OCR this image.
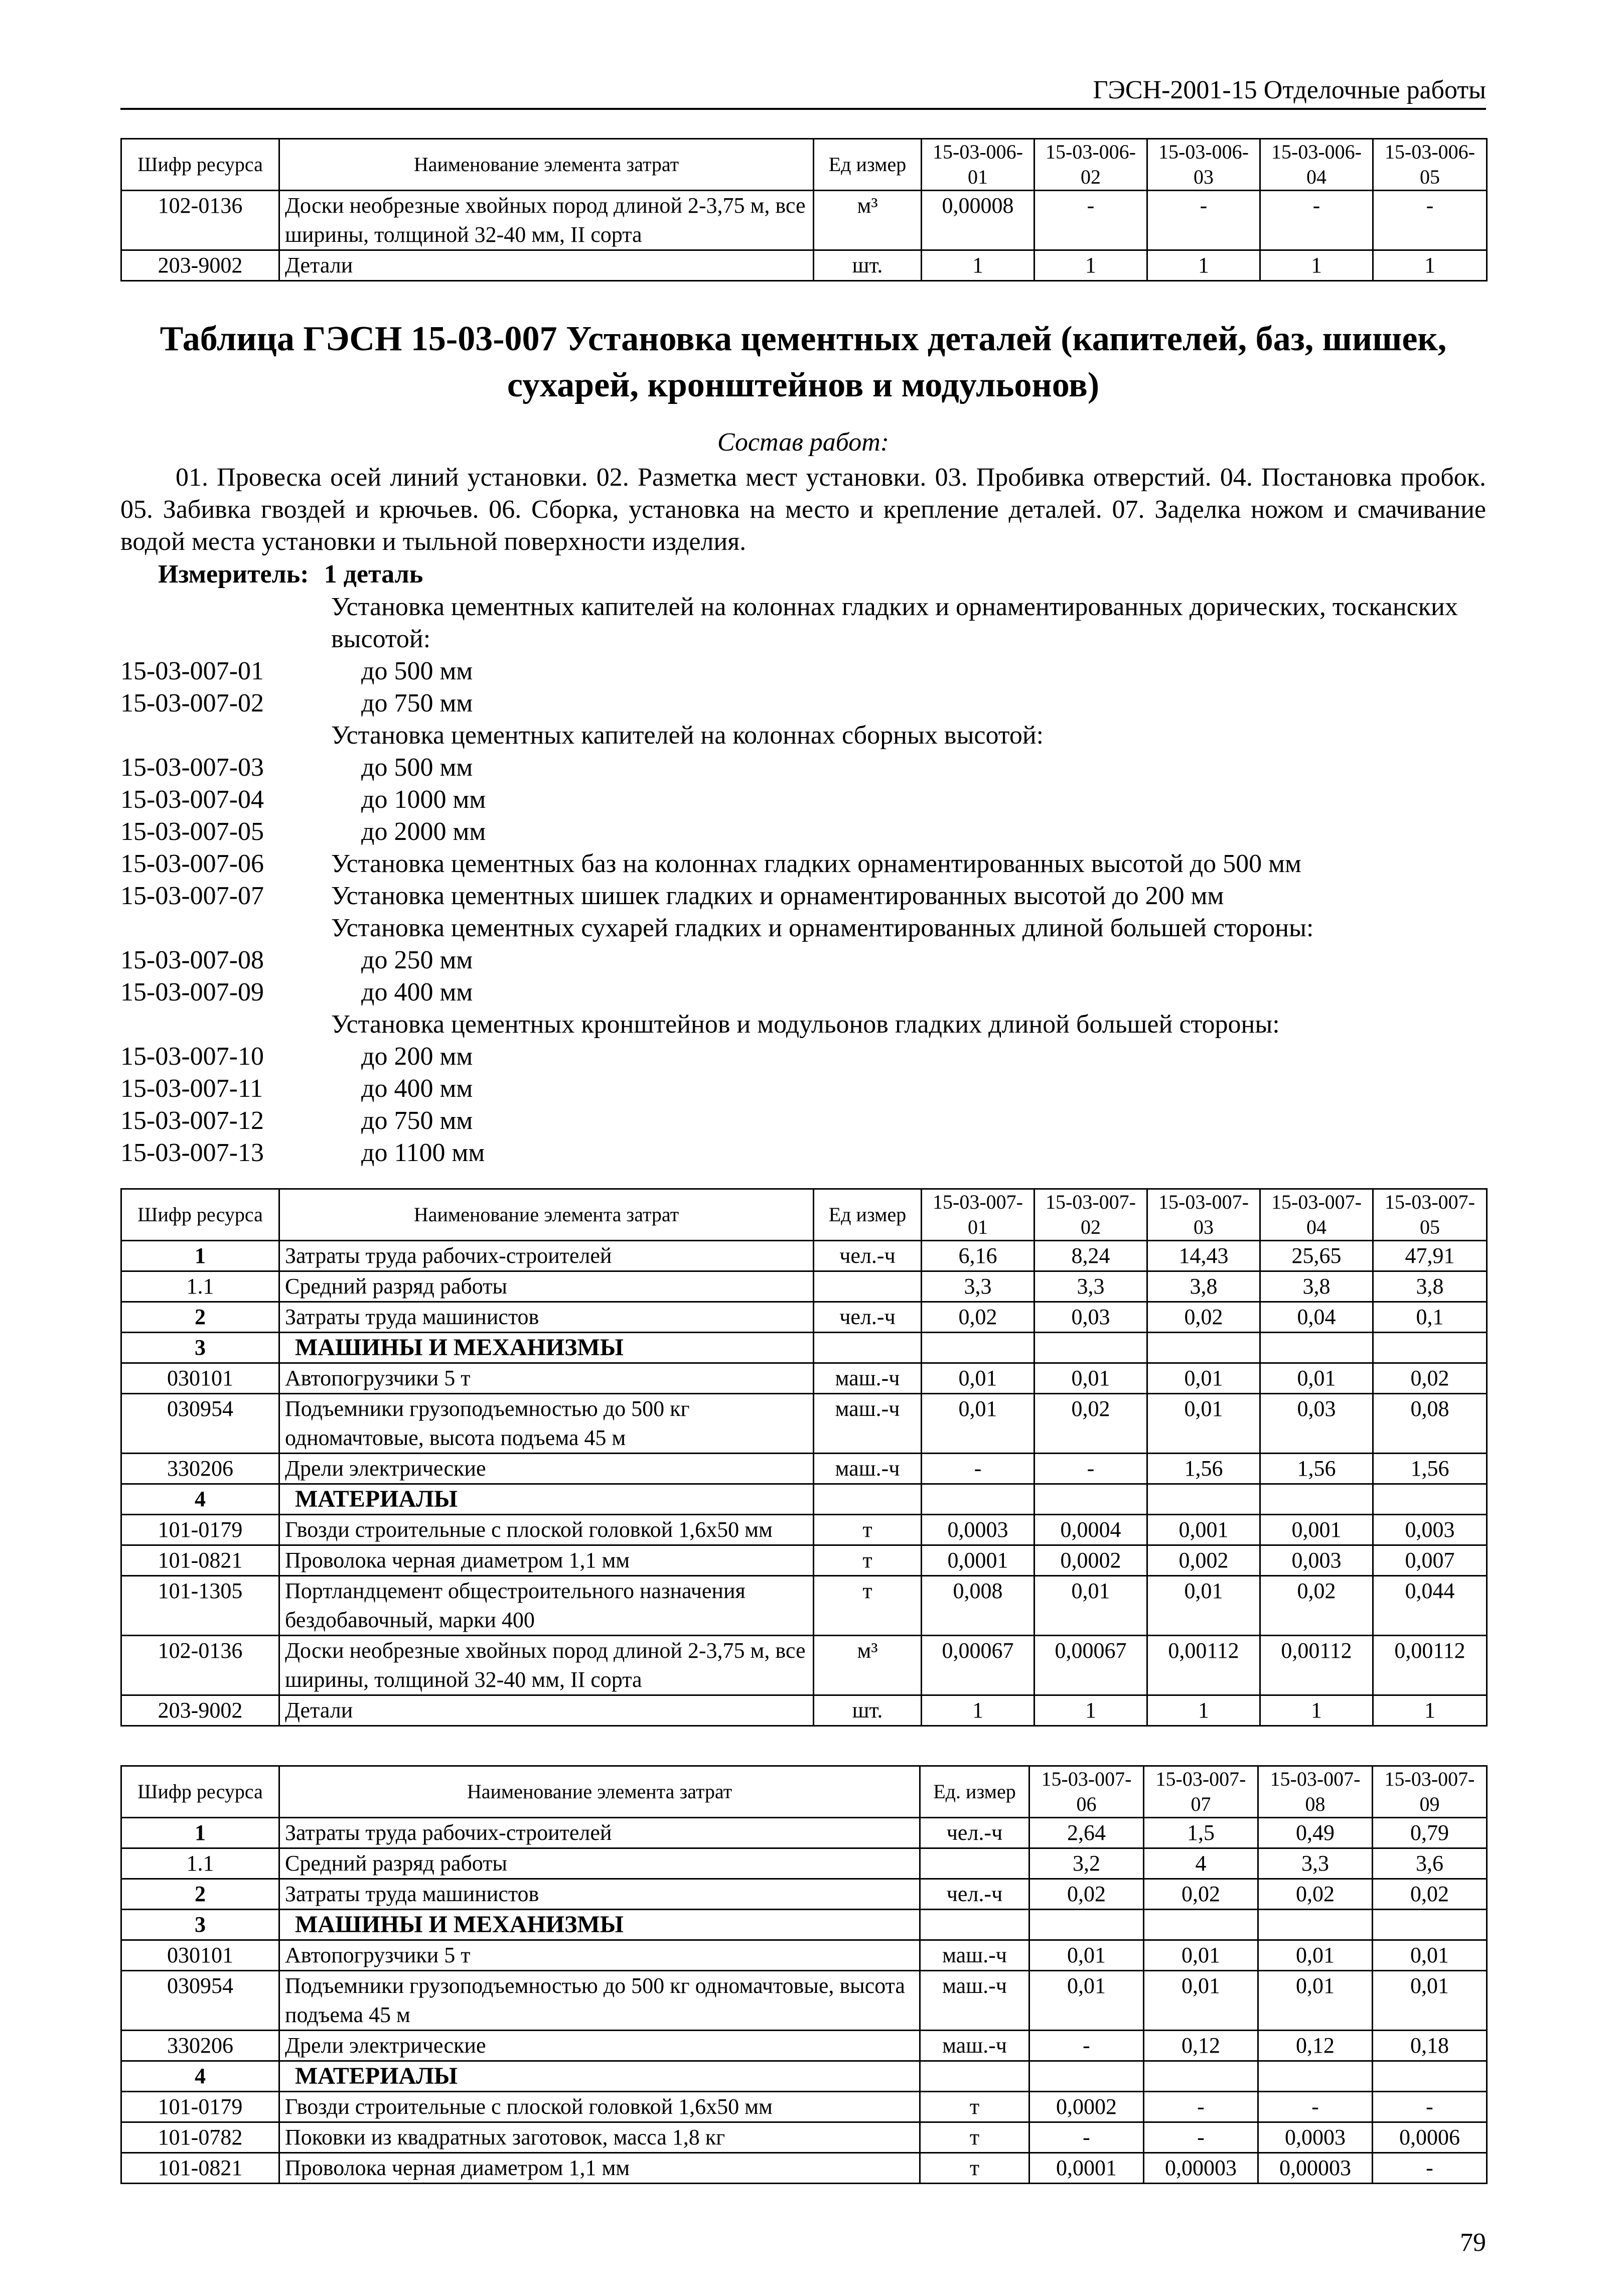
ГЭСН-2001-15 Отделочные работы
Шифр ресурса	Наименование элемента затрат	Ед измер	15-03-006-01	15-03-006-02	15-03-006-03	15-03-006-04	15-03-006-05
102-0136	Доски необрезные хвойных пород длиной 2-3,75 м, все ширины, толщиной 32-40 мм, II сорта	м³	0,00008	-	-	-	-
203-9002	Детали	шт.	1	1	1	1	1
Таблица ГЭСН 15-03-007 Установка цементных деталей (капителей, баз, шишек, сухарей, кронштейнов и модульонов)
Состав работ:
01. Провеска осей линий установки. 02. Разметка мест установки. 03. Пробивка отверстий. 04. Постановка пробок. 05. Забивка гвоздей и крючьев. 06. Сборка, установка на место и крепление деталей. 07. Заделка ножом и смачивание водой места установки и тыльной поверхности изделия.
Измеритель: 1 деталь
Установка цементных капителей на колоннах гладких и орнаментированных дорических, тосканских высотой:
15-03-007-01	до 500 мм
15-03-007-02	до 750 мм
Установка цементных капителей на колоннах сборных высотой:
15-03-007-03	до 500 мм
15-03-007-04	до 1000 мм
15-03-007-05	до 2000 мм
15-03-007-06	Установка цементных баз на колоннах гладких орнаментированных высотой до 500 мм
15-03-007-07	Установка цементных шишек гладких и орнаментированных высотой до 200 мм
Установка цементных сухарей гладких и орнаментированных длиной большей стороны:
15-03-007-08	до 250 мм
15-03-007-09	до 400 мм
Установка цементных кронштейнов и модульонов гладких длиной большей стороны:
15-03-007-10	до 200 мм
15-03-007-11	до 400 мм
15-03-007-12	до 750 мм
15-03-007-13	до 1100 мм
Шифр ресурса	Наименование элемента затрат	Ед измер	15-03-007-01	15-03-007-02	15-03-007-03	15-03-007-04	15-03-007-05
1	Затраты труда рабочих-строителей	чел.-ч	6,16	8,24	14,43	25,65	47,91
1.1	Средний разряд работы		3,3	3,3	3,8	3,8	3,8
2	Затраты труда машинистов	чел.-ч	0,02	0,03	0,02	0,04	0,1
3	МАШИНЫ И МЕХАНИЗМЫ						
030101	Автопогрузчики 5 т	маш.-ч	0,01	0,01	0,01	0,01	0,02
030954	Подъемники грузоподъемностью до 500 кг одномачтовые, высота подъема 45 м	маш.-ч	0,01	0,02	0,01	0,03	0,08
330206	Дрели электрические	маш.-ч	-	-	1,56	1,56	1,56
4	МАТЕРИАЛЫ						
101-0179	Гвозди строительные с плоской головкой 1,6х50 мм	т	0,0003	0,0004	0,001	0,001	0,003
101-0821	Проволока черная диаметром 1,1 мм	т	0,0001	0,0002	0,002	0,003	0,007
101-1305	Портландцемент общестроительного назначения бездобавочный, марки 400	т	0,008	0,01	0,01	0,02	0,044
102-0136	Доски необрезные хвойных пород длиной 2-3,75 м, все ширины, толщиной 32-40 мм, II сорта	м³	0,00067	0,00067	0,00112	0,00112	0,00112
203-9002	Детали	шт.	1	1	1	1	1
Шифр ресурса	Наименование элемента затрат	Ед. измер	15-03-007-06	15-03-007-07	15-03-007-08	15-03-007-09
1	Затраты труда рабочих-строителей	чел.-ч	2,64	1,5	0,49	0,79
1.1	Средний разряд работы		3,2	4	3,3	3,6
2	Затраты труда машинистов	чел.-ч	0,02	0,02	0,02	0,02
3	МАШИНЫ И МЕХАНИЗМЫ					
030101	Автопогрузчики 5 т	маш.-ч	0,01	0,01	0,01	0,01
030954	Подъемники грузоподъемностью до 500 кг одномачтовые, высота подъема 45 м	маш.-ч	0,01	0,01	0,01	0,01
330206	Дрели электрические	маш.-ч	-	0,12	0,12	0,18
4	МАТЕРИАЛЫ					
101-0179	Гвозди строительные с плоской головкой 1,6х50 мм	т	0,0002	-	-	-
101-0782	Поковки из квадратных заготовок, масса 1,8 кг	т	-	-	0,0003	0,0006
101-0821	Проволока черная диаметром 1,1 мм	т	0,0001	0,00003	0,00003	-
79
